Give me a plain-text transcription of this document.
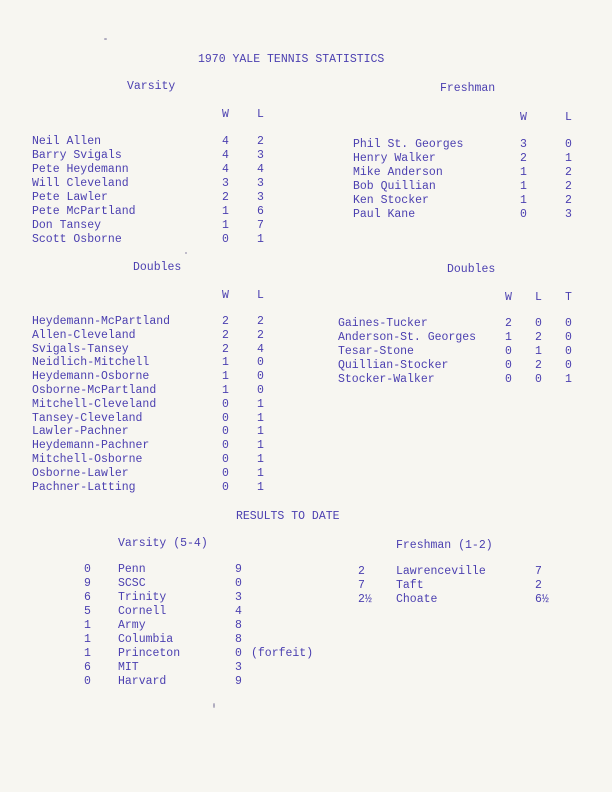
1970 YALE TENNIS STATISTICS
Varsity
W L
Neil Allen	4 2
Barry Svigals	4 3
Pete Heydemann	4 4
Will Cleveland	3 3
Pete Lawler	2 3
Pete McPartland	1 6
Don Tansey	1 7
Scott Osborne	0 1
Freshman
W	L
Phil St. Georges	3	0
Henry Walker	2	1
Mike Anderson	1	2
Bob Quillian	1	2
Ken Stocker	1	2
Paul Kane	0	3
Doubles
W L
Heydemann-McPartland	2 2
Allen-Cleveland	2 2
Svigals-Tansey	2 4
Neidlich-Mitchell	1 0
Heydemann-Osborne	1 0
Osborne-McPartland	1 0
Mitchell-Cleveland	0 1
Tansey-Cleveland	0 1
Lawler-Pachner	0 1
Heydemann-Pachner	0 1
Mitchell-Osborne	0 1
Osborne-Lawler	0 1
Pachner-Latting	0 1
Doubles
W L T
Gaines-Tucker	2 0 0
Anderson-St. Georges	1 2 0
Tesar-Stone	0 1 0
Quillian-Stocker	0 2 0
Stocker-Walker	0 0 1
RESULTS TO DATE
Varsity (5-4)	Freshman (1-2)
0 Penn	9
9 SCSC	0
6 Trinity	3
5 Cornell	4
1 Army	8
1 Columbia	8
1 Princeton	0 (forfeit)
6 MIT	3
0 Harvard	9
2	Lawrenceville	7
7	Taft	2
2½ Choate	6½
